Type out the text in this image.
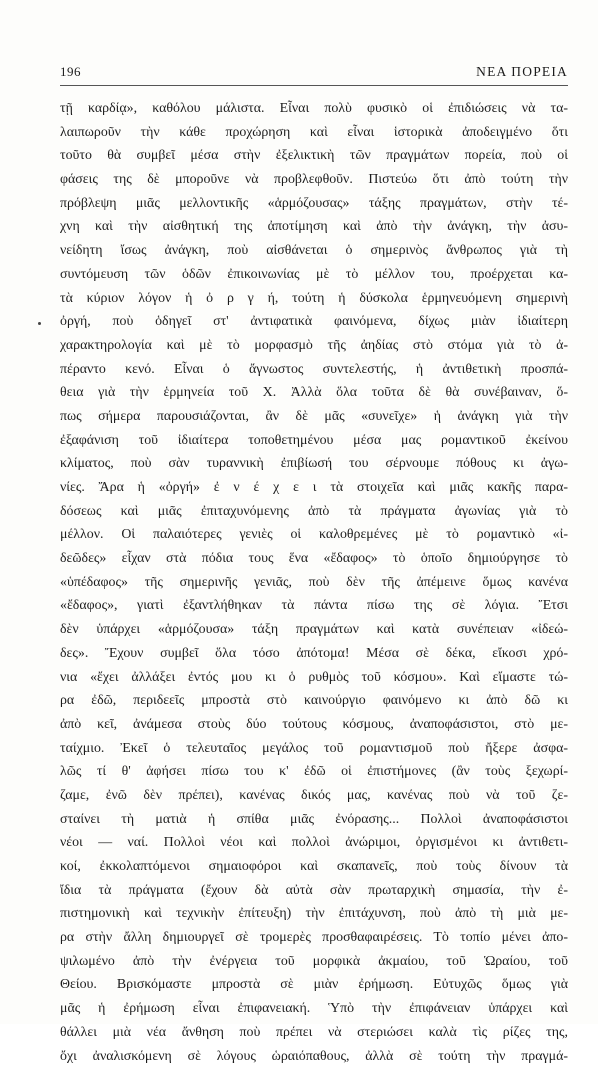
196	ΝΕΑ ΠΟΡΕΙΑ
τῇ καρδίᾳ», καθόλου μάλιστα. Εἶναι πολὺ φυσικὸ οἱ ἐπιδιώσεις νὰ τα-
λαιπωροῦν τὴν κάθε προχώρηση καὶ εἶναι ἱστορικὰ ἀποδειγμένο ὅτι
τοῦτο θὰ συμβεῖ μέσα στὴν ἐξελικτικὴ τῶν πραγμάτων πορεία, ποὺ οἱ
φάσεις της δὲ μποροῦνε νὰ προβλεφθοῦν. Πιστεύω ὅτι ἀπὸ τούτη τὴν
πρόβλεψη μιᾶς μελλοντικῆς «ἁρμόζουσας» τάξης πραγμάτων, στὴν τέ-
χνη καὶ τὴν αἰσθητική της ἀποτίμηση καὶ ἀπὸ τὴν ἀνάγκη, τὴν ἀσυ-
νείδητη ἴσως ἀνάγκη, ποὺ αἰσθάνεται ὁ σημερινὸς ἄνθρωπος γιὰ τὴ
συντόμευση τῶν ὁδῶν ἐπικοινωνίας μὲ τὸ μέλλον του, προέρχεται κα-
τὰ κύριον λόγον ἡ ὀ ρ γ ή, τούτη ἡ δύσκολα ἑρμηνευόμενη σημερινὴ
ὀργή, ποὺ ὁδηγεῖ στ' ἀντιφατικὰ φαινόμενα, δίχως μιὰν ἰδιαίτερη
χαρακτηρολογία καὶ μὲ τὸ μορφασμὸ τῆς ἀηδίας στὸ στόμα γιὰ τὸ ἀ-
πέραντο κενό. Εἶναι ὁ ἄγνωστος συντελεστής, ἡ ἀντιθετικὴ προσπά-
θεια γιὰ τὴν ἑρμηνεία τοῦ Χ. Ἀλλὰ ὅλα τοῦτα δὲ θὰ συνέβαιναν, ὅ-
πως σήμερα παρουσιάζονται, ἂν δὲ μᾶς «συνεῖχε» ἡ ἀνάγκη γιὰ τὴν
ἐξαφάνιση τοῦ ἰδιαίτερα τοποθετημένου μέσα μας ρομαντικοῦ ἐκείνου
κλίματος, ποὺ σὰν τυραννικὴ ἐπιβίωσή του σέρνουμε πόθους κι ἀγω-
νίες. Ἄρα ἡ «ὀργή» ἐ ν έ χ ε ι τὰ στοιχεῖα καὶ μιᾶς κακῆς παρα-
δόσεως καὶ μιᾶς ἐπιταχυνόμενης ἀπὸ τὰ πράγματα ἀγωνίας γιὰ τὸ
μέλλον. Οἱ παλαιότερες γενιὲς οἱ καλοθρεμένες μὲ τὸ ρομαντικὸ «ἰ-
δεῶδες» εἶχαν στὰ πόδια τους ἕνα «ἔδαφος» τὸ ὁποῖο δημιούργησε τὸ
«ὑπέδαφος» τῆς σημερινῆς γενιᾶς, ποὺ δὲν τῆς ἀπέμεινε ὅμως κανένα
«ἔδαφος», γιατὶ ἐξαντλήθηκαν τὰ πάντα πίσω της σὲ λόγια. Ἔτσι
δὲν ὑπάρχει «ἁρμόζουσα» τάξη πραγμάτων καὶ κατὰ συνέπειαν «ἰδεώ-
δες». Ἔχουν συμβεῖ ὅλα τόσο ἀπότομα! Μέσα σὲ δέκα, εἴκοσι χρό-
νια «ἔχει ἀλλάξει ἐντός μου κι ὁ ρυθμὸς τοῦ κόσμου». Καὶ εἴμαστε τώ-
ρα ἐδῶ, περιδεεῖς μπροστὰ στὸ καινούργιο φαινόμενο κι ἀπὸ δῶ κι
ἀπὸ κεῖ, ἀνάμεσα στοὺς δύο τούτους κόσμους, ἀναποφάσιστοι, στὸ με-
ταίχμιο. Ἐκεῖ ὁ τελευταῖος μεγάλος τοῦ ρομαντισμοῦ ποὺ ἤξερε ἀσφα-
λῶς τί θ' ἀφήσει πίσω του κ' ἐδῶ οἱ ἐπιστήμονες (ἂν τοὺς ξεχωρί-
ζαμε, ἐνῶ δὲν πρέπει), κανένας δικός μας, κανένας ποὺ νὰ τοῦ ζε-
σταίνει τὴ ματιὰ ἡ σπίθα μιᾶς ἐνόρασης... Πολλοὶ ἀναποφάσιστοι
νέοι — ναί. Πολλοὶ νέοι καὶ πολλοὶ ἀνώριμοι, ὀργισμένοι κι ἀντιθετι-
κοί, ἐκκολαπτόμενοι σημαιοφόροι καὶ σκαπανεῖς, ποὺ τοὺς δίνουν τὰ
ἴδια τὰ πράγματα (ἔχουν δὰ αὐτὰ σὰν πρωταρχικὴ σημασία, τὴν ἐ-
πιστημονικὴ καὶ τεχνικὴν ἐπίτευξη) τὴν ἐπιτάχυνση, ποὺ ἀπὸ τὴ μιὰ με-
ρα στὴν ἄλλη δημιουργεῖ σὲ τρομερὲς προσθαφαιρέσεις. Τὸ τοπίο μένει ἀπο-
ψιλωμένο ἀπὸ τὴν ἐνέργεια τοῦ μορφικὰ ἀκμαίου, τοῦ Ὡραίου, τοῦ
Θείου. Βρισκόμαστε μπροστὰ σὲ μιὰν ἐρήμωση. Εὐτυχῶς ὅμως γιὰ
μᾶς ἡ ἐρήμωση εἶναι ἐπιφανειακή. Ὑπὸ τὴν ἐπιφάνειαν ὑπάρχει καὶ
θάλλει μιὰ νέα ἄνθηση ποὺ πρέπει νὰ στεριώσει καλὰ τὶς ρίζες της,
ὄχι ἀναλισκόμενη σὲ λόγους ὡραιόπαθους, ἀλλὰ σὲ τούτη τὴν πραγμά-
